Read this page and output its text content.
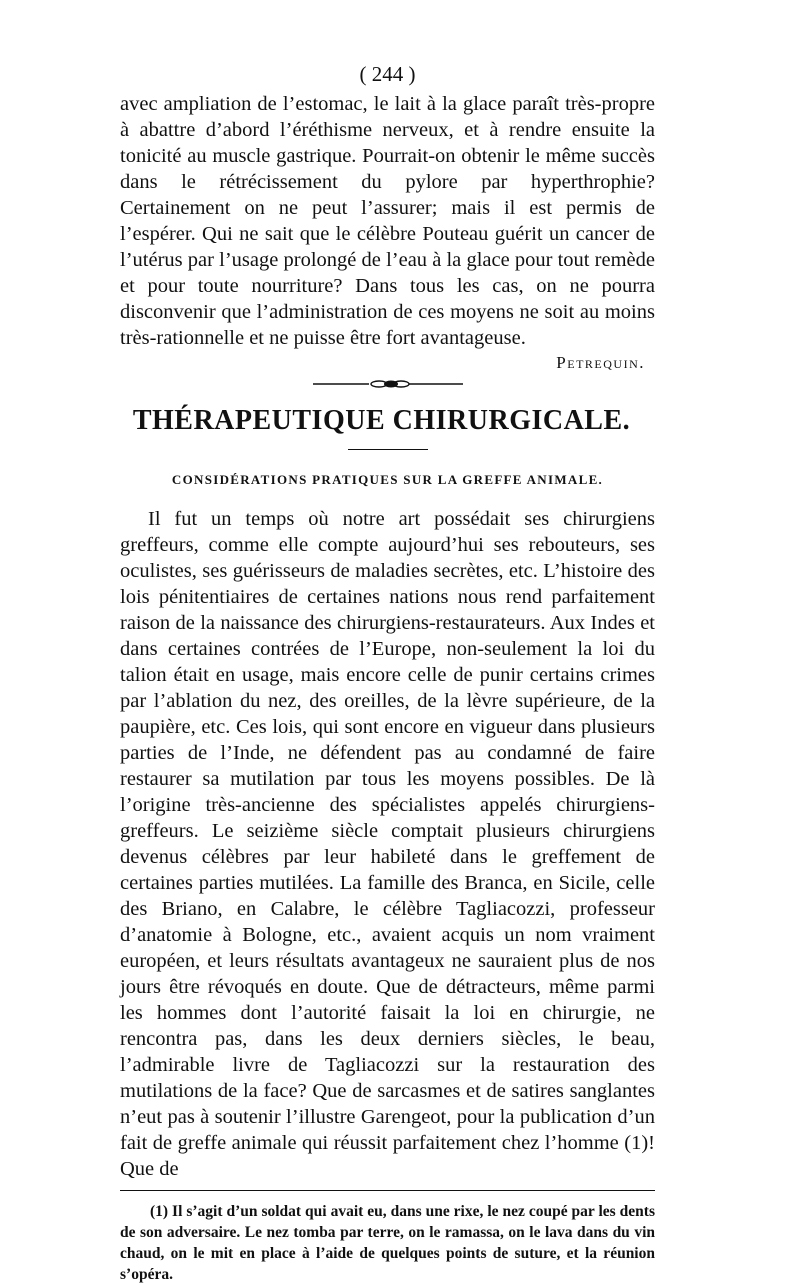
( 244 )

avec ampliation de l’estomac, le lait à la glace paraît très-propre à abattre d’abord l’éréthisme nerveux, et à rendre ensuite la tonicité au muscle gastrique. Pourrait-on obtenir le même succès dans le rétrécissement du pylore par hyperthrophie? Certainement on ne peut l’assurer; mais il est permis de l’espérer. Qui ne sait que le célèbre Pouteau guérit un cancer de l’utérus par l’usage prolongé de l’eau à la glace pour tout remède et pour toute nourriture? Dans tous les cas, on ne pourra disconvenir que l’administration de ces moyens ne soit au moins très-rationnelle et ne puisse être fort avantageuse.

Petrequin.
THÉRAPEUTIQUE CHIRURGICALE.
CONSIDÉRATIONS PRATIQUES SUR LA GREFFE ANIMALE.

Il fut un temps où notre art possédait ses chirurgiens greffeurs, comme elle compte aujourd’hui ses rebouteurs, ses oculistes, ses guérisseurs de maladies secrètes, etc. L’histoire des lois pénitentiaires de certaines nations nous rend parfaitement raison de la naissance des chirurgiens-restaurateurs. Aux Indes et dans certaines contrées de l’Europe, non-seulement la loi du talion était en usage, mais encore celle de punir certains crimes par l’ablation du nez, des oreilles, de la lèvre supérieure, de la paupière, etc. Ces lois, qui sont encore en vigueur dans plusieurs parties de l’Inde, ne défendent pas au condamné de faire restaurer sa mutilation par tous les moyens possibles. De là l’origine très-ancienne des spécialistes appelés chirurgiens-greffeurs. Le seizième siècle comptait plusieurs chirurgiens devenus célèbres par leur habileté dans le greffement de certaines parties mutilées. La famille des Branca, en Sicile, celle des Briano, en Calabre, le célèbre Tagliacozzi, professeur d’anatomie à Bologne, etc., avaient acquis un nom vraiment européen, et leurs résultats avantageux ne sauraient plus de nos jours être révoqués en doute. Que de détracteurs, même parmi les hommes dont l’autorité faisait la loi en chirurgie, ne rencontra pas, dans les deux derniers siècles, le beau, l’admirable livre de Tagliacozzi sur la restauration des mutilations de la face? Que de sarcasmes et de satires sanglantes n’eut pas à soutenir l’illustre Garengeot, pour la publication d’un fait de greffe animale qui réussit parfaitement chez l’homme (1)! Que de

(1) Il s’agit d’un soldat qui avait eu, dans une rixe, le nez coupé par les dents de son adversaire. Le nez tomba par terre, on le ramassa, on le lava dans du vin chaud, on le mit en place à l’aide de quelques points de suture, et la réunion s’opéra.
